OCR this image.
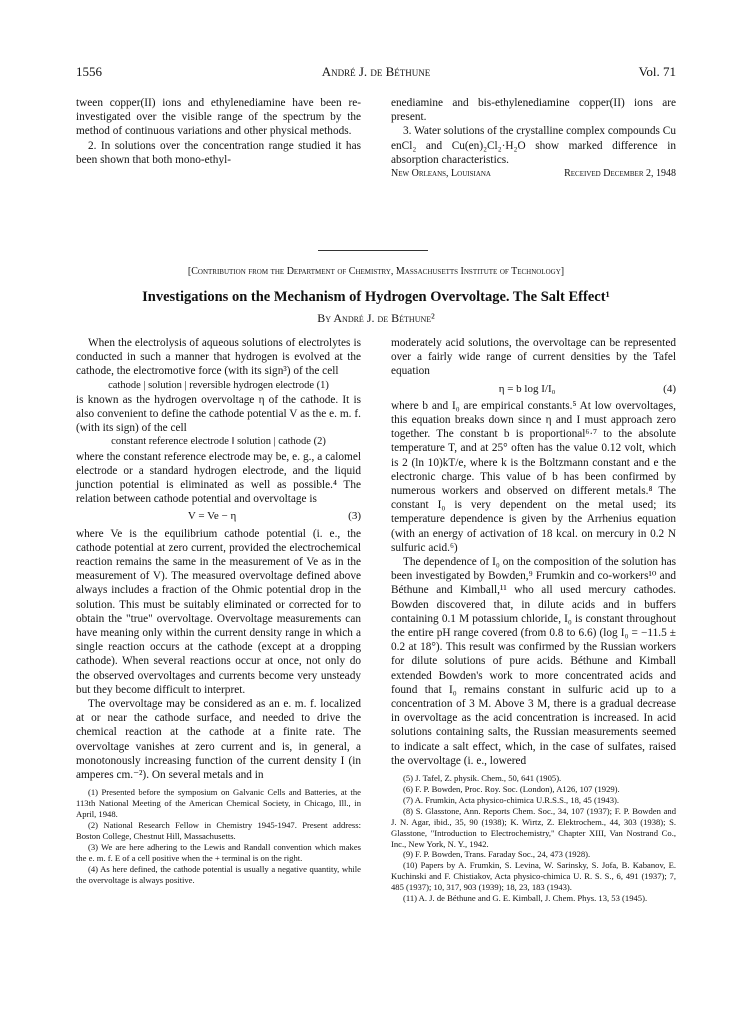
1556	André J. de Béthune	Vol. 71

tween copper(II) ions and ethylenediamine have been re-investigated over the visible range of the spectrum by the method of continuous variations and other physical methods.

2. In solutions over the concentration range studied it has been shown that both mono-ethyl-

enediamine and bis-ethylenediamine copper(II) ions are present.

3. Water solutions of the crystalline complex compounds Cu enCl₂ and Cu(en)₂Cl₂·H₂O show marked difference in absorption characteristics.

New Orleans, Louisiana	Received December 2, 1948
[Contribution from the Department of Chemistry, Massachusetts Institute of Technology]
Investigations on the Mechanism of Hydrogen Overvoltage. The Salt Effect¹
By André J. de Béthune²

When the electrolysis of aqueous solutions of electrolytes is conducted in such a manner that hydrogen is evolved at the cathode, the electromotive force (with its sign³) of the cell

cathode | solution | reversible hydrogen electrode (1)

is known as the hydrogen overvoltage η of the cathode. It is also convenient to define the cathode potential V as the e. m. f. (with its sign) of the cell

constant reference electrode ‖ solution | cathode (2)

where the constant reference electrode may be, e. g., a calomel electrode or a standard hydrogen electrode, and the liquid junction potential is eliminated as well as possible.⁴ The relation between cathode potential and overvoltage is

V = Ve − η	(3)

where Ve is the equilibrium cathode potential (i. e., the cathode potential at zero current, provided the electrochemical reaction remains the same in the measurement of Ve as in the measurement of V). The measured overvoltage defined above always includes a fraction of the Ohmic potential drop in the solution. This must be suitably eliminated or corrected for to obtain the "true" overvoltage. Overvoltage measurements can have meaning only within the current density range in which a single reaction occurs at the cathode (except at a dropping cathode). When several reactions occur at once, not only do the observed overvoltages and currents become very unsteady but they become difficult to interpret.

The overvoltage may be considered as an e. m. f. localized at or near the cathode surface, and needed to drive the chemical reaction at the cathode at a finite rate. The overvoltage vanishes at zero current and is, in general, a monotonously increasing function of the current density I (in amperes cm.⁻²). On several metals and in

(1) Presented before the symposium on Galvanic Cells and Batteries, at the 113th National Meeting of the American Chemical Society, in Chicago, Ill., in April, 1948.

(2) National Research Fellow in Chemistry 1945-1947. Present address: Boston College, Chestnut Hill, Massachusetts.

(3) We are here adhering to the Lewis and Randall convention which makes the e. m. f. E of a cell positive when the + terminal is on the right.

(4) As here defined, the cathode potential is usually a negative quantity, while the overvoltage is always positive.

moderately acid solutions, the overvoltage can be represented over a fairly wide range of current densities by the Tafel equation

η = b log I/I₀	(4)

where b and I₀ are empirical constants.⁵ At low overvoltages, this equation breaks down since η and I must approach zero together. The constant b is proportional⁶·⁷ to the absolute temperature T, and at 25° often has the value 0.12 volt, which is 2 (ln 10)kT/e, where k is the Boltzmann constant and e the electronic charge. This value of b has been confirmed by numerous workers and observed on different metals.⁸ The constant I₀ is very dependent on the metal used; its temperature dependence is given by the Arrhenius equation (with an energy of activation of 18 kcal. on mercury in 0.2 N sulfuric acid.⁶)

The dependence of I₀ on the composition of the solution has been investigated by Bowden,⁹ Frumkin and co-workers¹⁰ and Béthune and Kimball,¹¹ who all used mercury cathodes. Bowden discovered that, in dilute acids and in buffers containing 0.1 M potassium chloride, I₀ is constant throughout the entire pH range covered (from 0.8 to 6.6) (log I₀ = −11.5 ± 0.2 at 18°). This result was confirmed by the Russian workers for dilute solutions of pure acids. Béthune and Kimball extended Bowden's work to more concentrated acids and found that I₀ remains constant in sulfuric acid up to a concentration of 3 M. Above 3 M, there is a gradual decrease in overvoltage as the acid concentration is increased. In acid solutions containing salts, the Russian measurements seemed to indicate a salt effect, which, in the case of sulfates, raised the overvoltage (i. e., lowered

(5) J. Tafel, Z. physik. Chem., 50, 641 (1905).

(6) F. P. Bowden, Proc. Roy. Soc. (London), A126, 107 (1929).

(7) A. Frumkin, Acta physico-chimica U.R.S.S., 18, 45 (1943).

(8) S. Glasstone, Ann. Reports Chem. Soc., 34, 107 (1937); F. P. Bowden and J. N. Agar, ibid., 35, 90 (1938); K. Wirtz, Z. Elektrochem., 44, 303 (1938); S. Glasstone, "Introduction to Electrochemistry," Chapter XIII, Van Nostrand Co., Inc., New York, N. Y., 1942.

(9) F. P. Bowden, Trans. Faraday Soc., 24, 473 (1928).

(10) Papers by A. Frumkin, S. Levina, W. Sarinsky, S. Jofa, B. Kabanov, E. Kuchinski and F. Chistiakov, Acta physico-chimica U. R. S. S., 6, 491 (1937); 7, 485 (1937); 10, 317, 903 (1939); 18, 23, 183 (1943).

(11) A. J. de Béthune and G. E. Kimball, J. Chem. Phys. 13, 53 (1945).
